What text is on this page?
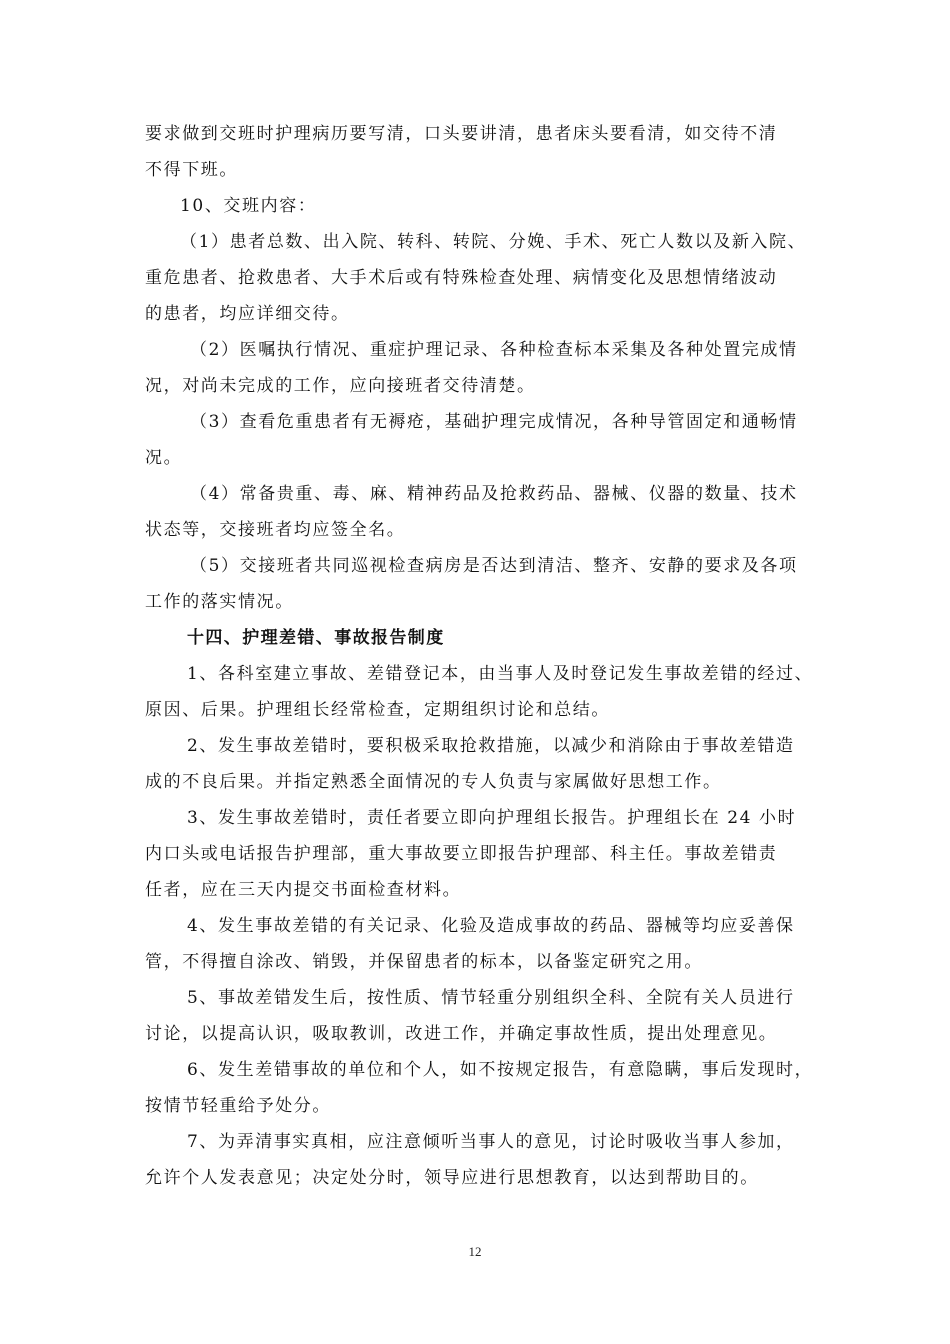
要求做到交班时护理病历要写清，口头要讲清，患者床头要看清，如交待不清
不得下班。
10、交班内容：
（1）患者总数、出入院、转科、转院、分娩、手术、死亡人数以及新入院、
重危患者、抢救患者、大手术后或有特殊检查处理、病情变化及思想情绪波动
的患者，均应详细交待。
（2）医嘱执行情况、重症护理记录、各种检查标本采集及各种处置完成情
况，对尚未完成的工作，应向接班者交待清楚。
（3）查看危重患者有无褥疮，基础护理完成情况，各种导管固定和通畅情
况。
（4）常备贵重、毒、麻、精神药品及抢救药品、器械、仪器的数量、技术
状态等，交接班者均应签全名。
（5）交接班者共同巡视检查病房是否达到清洁、整齐、安静的要求及各项
工作的落实情况。
十四、护理差错、事故报告制度
1、各科室建立事故、差错登记本，由当事人及时登记发生事故差错的经过、
原因、后果。护理组长经常检查，定期组织讨论和总结。
2、发生事故差错时，要积极采取抢救措施，以减少和消除由于事故差错造
成的不良后果。并指定熟悉全面情况的专人负责与家属做好思想工作。
3、发生事故差错时，责任者要立即向护理组长报告。护理组长在 24 小时
内口头或电话报告护理部，重大事故要立即报告护理部、科主任。事故差错责
任者，应在三天内提交书面检查材料。
4、发生事故差错的有关记录、化验及造成事故的药品、器械等均应妥善保
管，不得擅自涂改、销毁，并保留患者的标本，以备鉴定研究之用。
5、事故差错发生后，按性质、情节轻重分别组织全科、全院有关人员进行
讨论，以提高认识，吸取教训，改进工作，并确定事故性质，提出处理意见。
6、发生差错事故的单位和个人，如不按规定报告，有意隐瞒，事后发现时，
按情节轻重给予处分。
7、为弄清事实真相，应注意倾听当事人的意见，讨论时吸收当事人参加，
允许个人发表意见；决定处分时，领导应进行思想教育，以达到帮助目的。
12
